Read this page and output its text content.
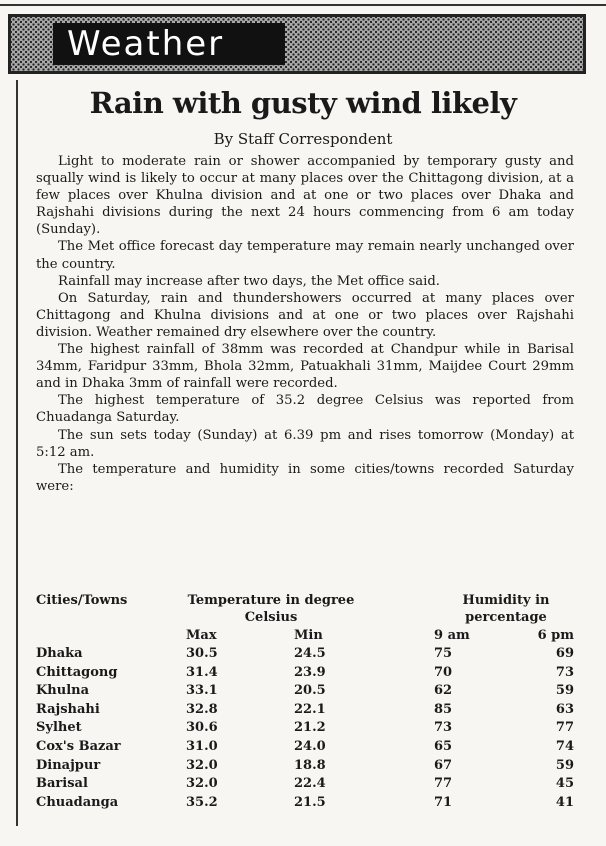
Weather
Rain with gusty wind likely
By Staff Correspondent

Light to moderate rain or shower accompanied by temporary gusty and squally wind is likely to occur at many places over the Chittagong division, at a few places over Khulna division and at one or two places over Dhaka and Rajshahi divisions during the next 24 hours commencing from 6 am today (Sunday).

The Met office forecast day temperature may remain nearly unchanged over the country.

Rainfall may increase after two days, the Met office said.

On Saturday, rain and thundershowers occurred at many places over Chittagong and Khulna divisions and at one or two places over Rajshahi division. Weather remained dry elsewhere over the country.

The highest rainfall of 38mm was recorded at Chandpur while in Barisal 34mm, Faridpur 33mm, Bhola 32mm, Patuakhali 31mm, Maijdee Court 29mm and in Dhaka 3mm of rainfall were recorded.

The highest temperature of 35.2 degree Celsius was reported from Chuadanga Saturday.

The sun sets today (Sunday) at 6.39 pm and rises tomorrow (Monday) at 5:12 am.

The temperature and humidity in some cities/towns recorded Saturday were:

Cities/Towns	Temperature in degree
Celsius
Humidity in
percentage
Max	Min	9 am	6 pm
Dhaka	30.5	24.5	75	69
Chittagong	31.4	23.9	70	73
Khulna	33.1	20.5	62	59
Rajshahi	32.8	22.1	85	63
Sylhet	30.6	21.2	73	77
Cox's Bazar	31.0	24.0	65	74
Dinajpur	32.0	18.8	67	59
Barisal	32.0	22.4	77	45
Chuadanga	35.2	21.5	71	41
